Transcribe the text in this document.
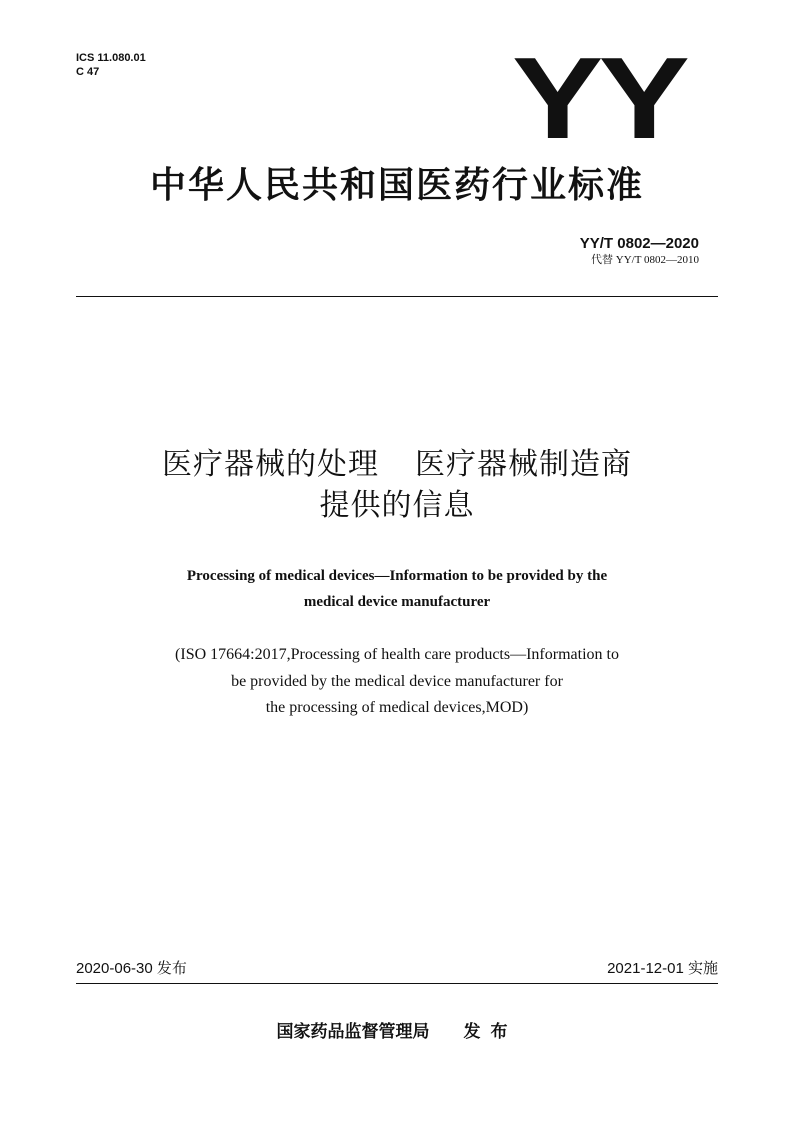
ICS 11.080.01
C 47	YY
中华人民共和国医药行业标准
YY/T 0802—2020
代替 YY/T 0802—2010
医疗器械的处理 医疗器械制造商
提供的信息
Processing of medical devices—Information to be provided by the
medical device manufacturer
(ISO 17664:2017,Processing of health care products—Information to
be provided by the medical device manufacturer for
the processing of medical devices,MOD)
2020-06-30 发布	2021-12-01 实施
国家药品监督管理局 发布
